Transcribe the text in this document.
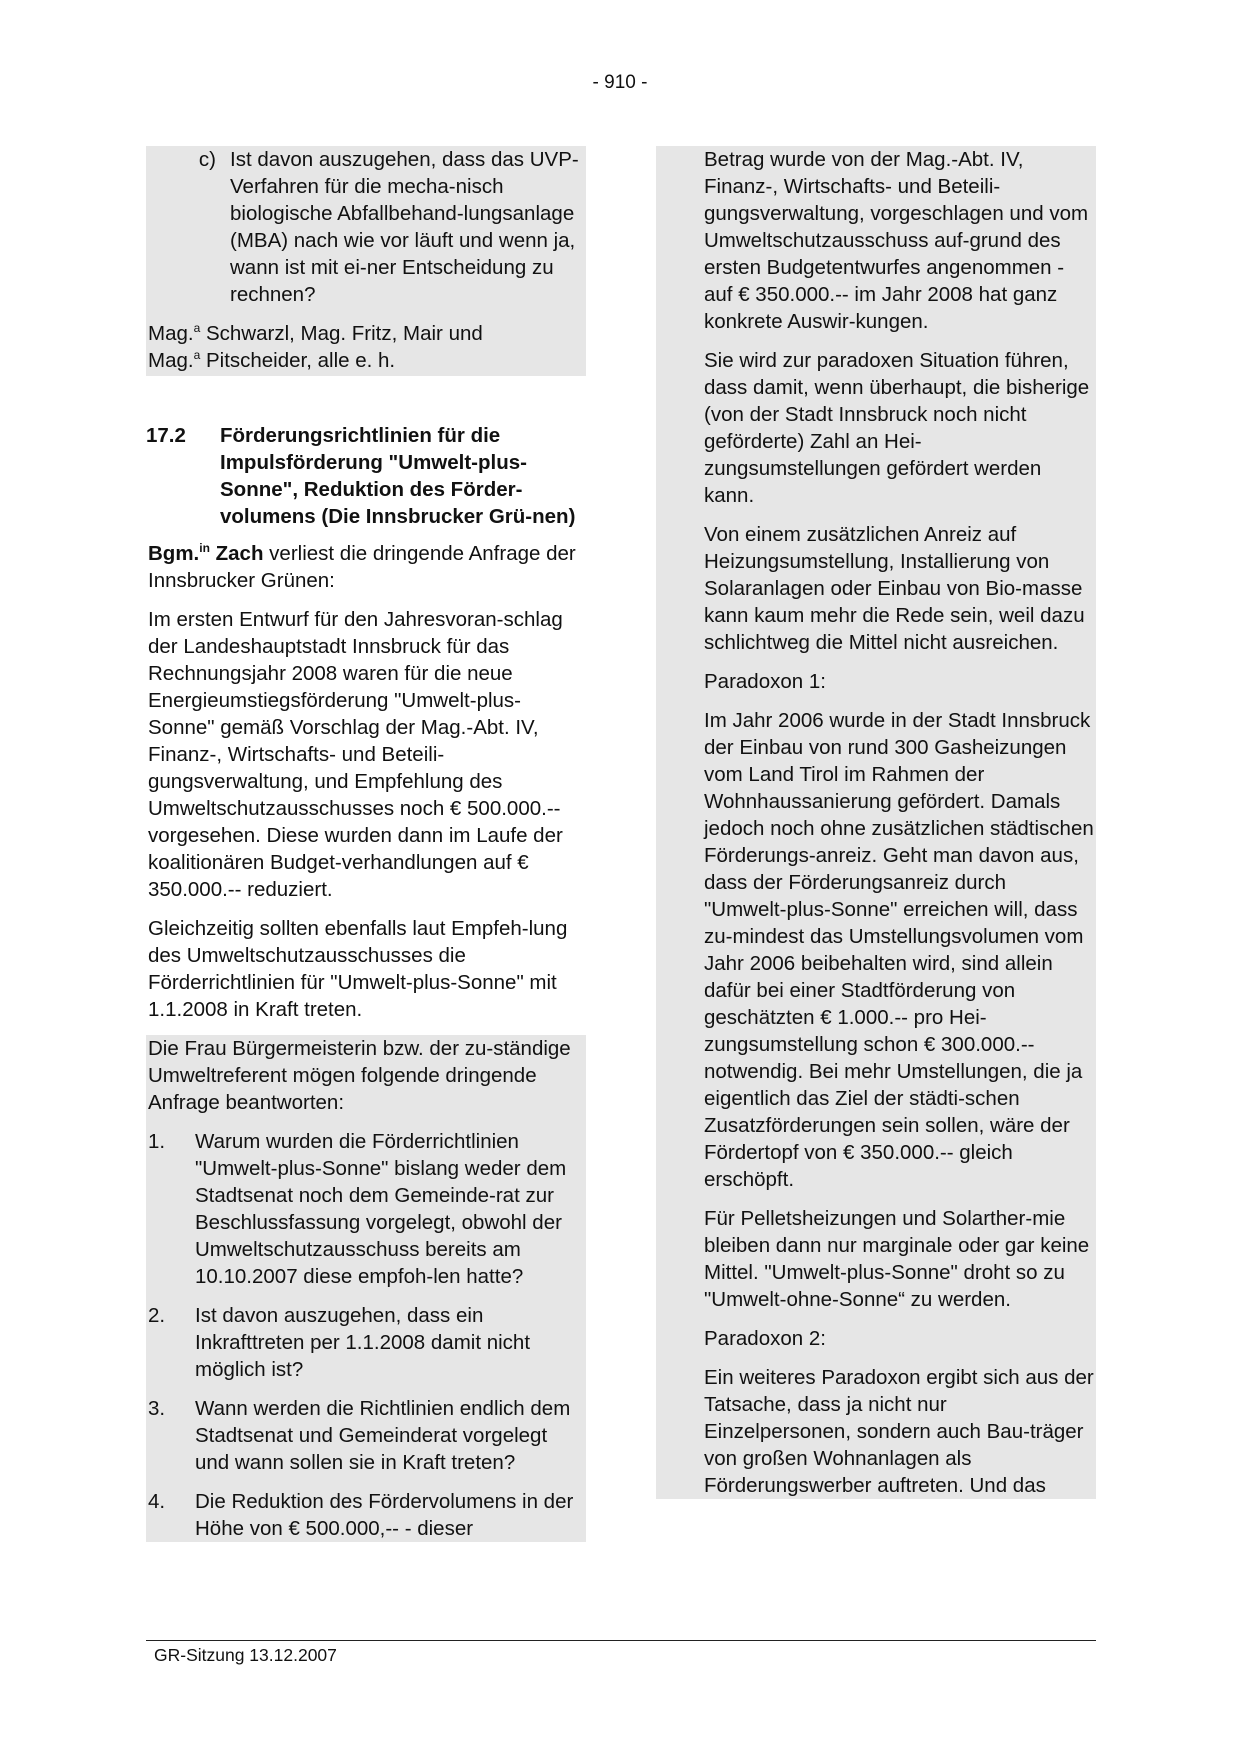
- 910 -
c) Ist davon auszugehen, dass das UVP-Verfahren für die mecha-nisch biologische Abfallbehand-lungsanlage (MBA) nach wie vor läuft und wenn ja, wann ist mit ei-ner Entscheidung zu rechnen?

Mag.$^a$ Schwarzl, Mag. Fritz, Mair und
Mag.$^a$ Pitscheider, alle e. h.

17.2	Förderungsrichtlinien für die Impulsförderung "Umwelt-plus-Sonne", Reduktion des Förder-volumens (Die Innsbrucker Grü-nen)

Bgm.$^{in}$ Zach verliest die dringende Anfrage der Innsbrucker Grünen:

Im ersten Entwurf für den Jahresvoran-schlag der Landeshauptstadt Innsbruck für das Rechnungsjahr 2008 waren für die neue Energieumstiegsförderung "Umwelt-plus-Sonne" gemäß Vorschlag der Mag.-Abt. IV, Finanz-, Wirtschafts- und Beteili-gungsverwaltung, und Empfehlung des Umweltschutzausschusses noch € 500.000.-- vorgesehen. Diese wurden dann im Laufe der koalitionären Budget-verhandlungen auf € 350.000.-- reduziert.

Gleichzeitig sollten ebenfalls laut Empfeh-lung des Umweltschutzausschusses die Förderrichtlinien für "Umwelt-plus-Sonne" mit 1.1.2008 in Kraft treten.

Die Frau Bürgermeisterin bzw. der zu-ständige Umweltreferent mögen folgende dringende Anfrage beantworten:

1.	Warum wurden die Förderrichtlinien "Umwelt-plus-Sonne" bislang weder dem Stadtsenat noch dem Gemeinde-rat zur Beschlussfassung vorgelegt, obwohl der Umweltschutzausschuss bereits am 10.10.2007 diese empfoh-len hatte?
2.	Ist davon auszugehen, dass ein Inkrafttreten per 1.1.2008 damit nicht möglich ist?
3.	Wann werden die Richtlinien endlich dem Stadtsenat und Gemeinderat vorgelegt und wann sollen sie in Kraft treten?
4.	Die Reduktion des Fördervolumens in der Höhe von € 500.000,-- - dieser

Betrag wurde von der Mag.-Abt. IV, Finanz-, Wirtschafts- und Beteili-gungsverwaltung, vorgeschlagen und vom Umweltschutzausschuss auf-grund des ersten Budgetentwurfes angenommen - auf € 350.000.-- im Jahr 2008 hat ganz konkrete Auswir-kungen.

Sie wird zur paradoxen Situation führen, dass damit, wenn überhaupt, die bisherige (von der Stadt Innsbruck noch nicht geförderte) Zahl an Hei-zungsumstellungen gefördert werden kann.

Von einem zusätzlichen Anreiz auf Heizungsumstellung, Installierung von Solaranlagen oder Einbau von Bio-masse kann kaum mehr die Rede sein, weil dazu schlichtweg die Mittel nicht ausreichen.

Paradoxon 1:

Im Jahr 2006 wurde in der Stadt Innsbruck der Einbau von rund 300 Gasheizungen vom Land Tirol im Rahmen der Wohnhaussanierung gefördert. Damals jedoch noch ohne zusätzlichen städtischen Förderungs-anreiz. Geht man davon aus, dass der Förderungsanreiz durch "Umwelt-plus-Sonne" erreichen will, dass zu-mindest das Umstellungsvolumen vom Jahr 2006 beibehalten wird, sind allein dafür bei einer Stadtförderung von geschätzten € 1.000.-- pro Hei-zungsumstellung schon € 300.000.-- notwendig. Bei mehr Umstellungen, die ja eigentlich das Ziel der städti-schen Zusatzförderungen sein sollen, wäre der Fördertopf von € 350.000.-- gleich erschöpft.

Für Pelletsheizungen und Solarther-mie bleiben dann nur marginale oder gar keine Mittel. "Umwelt-plus-Sonne" droht so zu "Umwelt-ohne-Sonne“ zu werden.

Paradoxon 2:

Ein weiteres Paradoxon ergibt sich aus der Tatsache, dass ja nicht nur Einzelpersonen, sondern auch Bau-träger von großen Wohnanlagen als Förderungswerber auftreten. Und das

GR-Sitzung 13.12.2007
